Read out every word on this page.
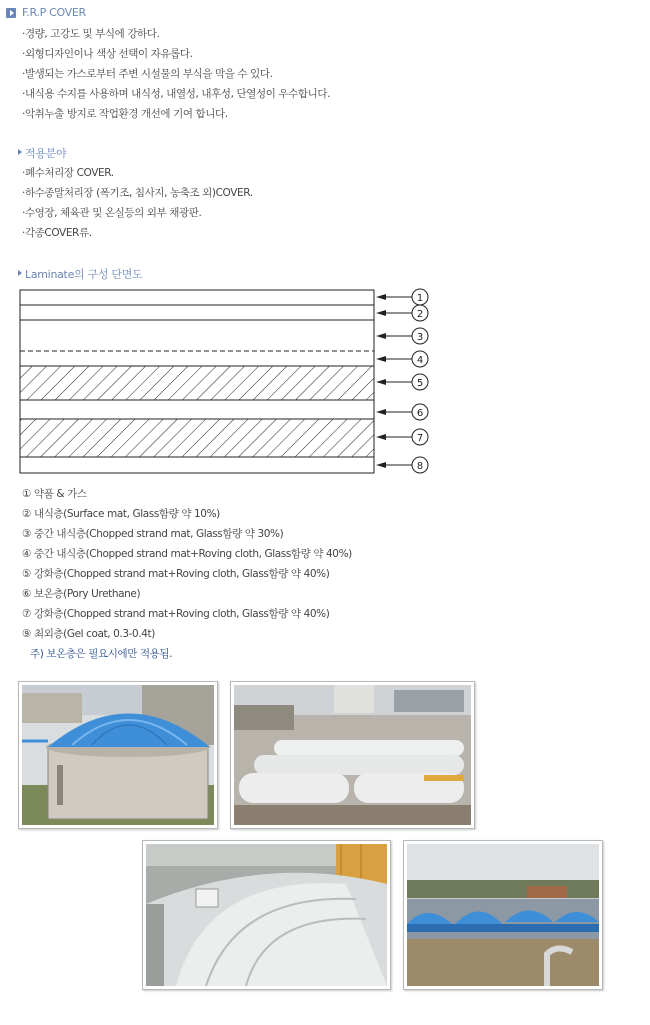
F.R.P COVER
·경량, 고강도 및 부식에 강하다.
·외형디자인이나 색상 선택이 자유롭다.
·발생되는 가스로부터 주변 시설물의 부식을 막을 수 있다.
·내식용 수지를 사용하며 내식성, 내열성, 내후성, 단열성이 우수합니다.
·악취누출 방지로 작업환경 개선에 기여 합니다.
적용분야
·폐수처리장 COVER.
·하수종말처리장 (폭기조, 침사지, 농축조 외)COVER.
·수영장, 체육관 및 온실등의 외부 채광판.
·각종COVER류.
Laminate의 구성 단면도
1
2
3
4
5
6
7
8
① 약품 & 가스
② 내식층(Surface mat, Glass함량 약 10%)
③ 중간 내식층(Chopped strand mat, Glass함량 약 30%)
④ 중간 내식층(Chopped strand mat+Roving cloth, Glass함량 약 40%)
⑤ 강화층(Chopped strand mat+Roving cloth, Glass함량 약 40%)
⑥ 보온층(Pory Urethane)
⑦ 강화층(Chopped strand mat+Roving cloth, Glass함량 약 40%)
⑨ 최외층(Gel coat, 0.3-0.4t)
주) 보온층은 필요시에만 적용됨.
